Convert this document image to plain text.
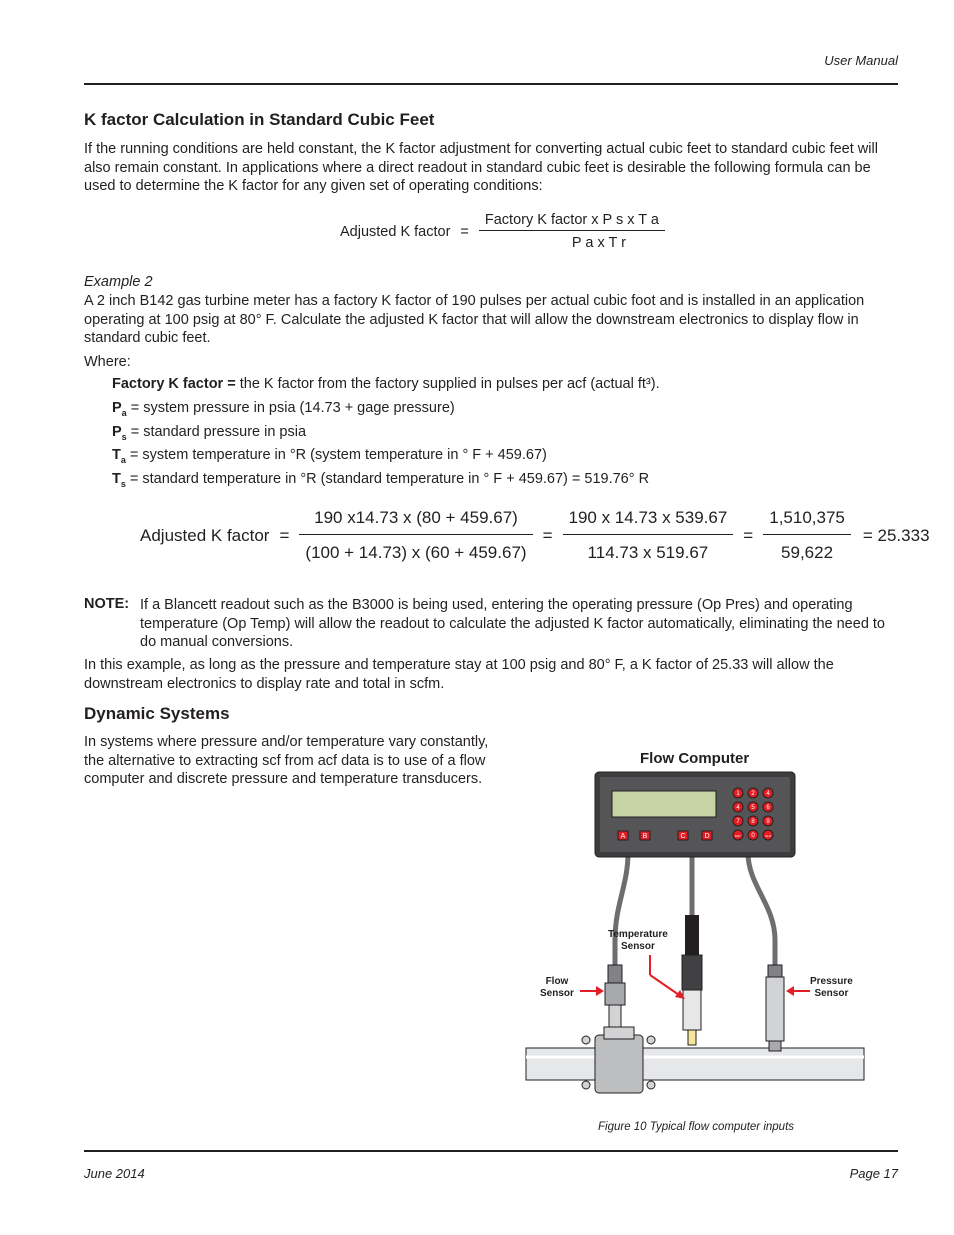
User Manual
K factor Calculation in Standard Cubic Feet

If the running conditions are held constant, the K factor adjustment for converting actual cubic feet to standard cubic feet will also remain constant. In applications where a direct readout in standard cubic feet is desirable the following formula can be used to determine the K factor for any given set of operating conditions:

Adjusted K factor = $\frac{\text{Factory K factor x P s x T a}}{\text{P a x T r}}$

Example 2

A 2 inch B142 gas turbine meter has a factory K factor of 190 pulses per actual cubic foot and is installed in an application operating at 100 psig at 80° F. Calculate the adjusted K factor that will allow the downstream electronics to display flow in standard cubic feet.

Where:

Factory K factor = the K factor from the factory supplied in pulses per acf (actual ft³).
$P_a$ = system pressure in psia (14.73 + gage pressure)
$P_s$ = standard pressure in psia
$T_a$ = system temperature in °R (system temperature in ° F + 459.67)
$T_s$ = standard temperature in °R (standard temperature in ° F + 459.67) = 519.76° R
Adjusted K factor = $\frac{190 x14.73 x (80 + 459.67)}{(100 + 14.73) x (60 + 459.67)} = \frac{190 x 14.73 x 539.67}{114.73 x 519.67} = \frac{1,510,375}{59,622} = 25.333$
NOTE: If a Blancett readout such as the B3000 is being used, entering the operating pressure (Op Pres) and operating temperature (Op Temp) will allow the readout to calculate the adjusted K factor automatically, eliminating the need to do manual conversions.

In this example, as long as the pressure and temperature stay at 100 psig and 80° F, a K factor of 25.33 will allow the downstream electronics to display rate and total in scfm.

Dynamic Systems

In systems where pressure and/or temperature vary constantly, the alternative to extracting scf from acf data is to use of a flow computer and discrete pressure and temperature transducers.

Flow Computer
1 2 4
4 5 6
7 8 9
ENT 0	CLR
A B	C	D
Temperature
Sensor
Flow
Sensor
Pressure
Sensor
Figure 10 Typical flow computer inputs
June 2014	Page 17
